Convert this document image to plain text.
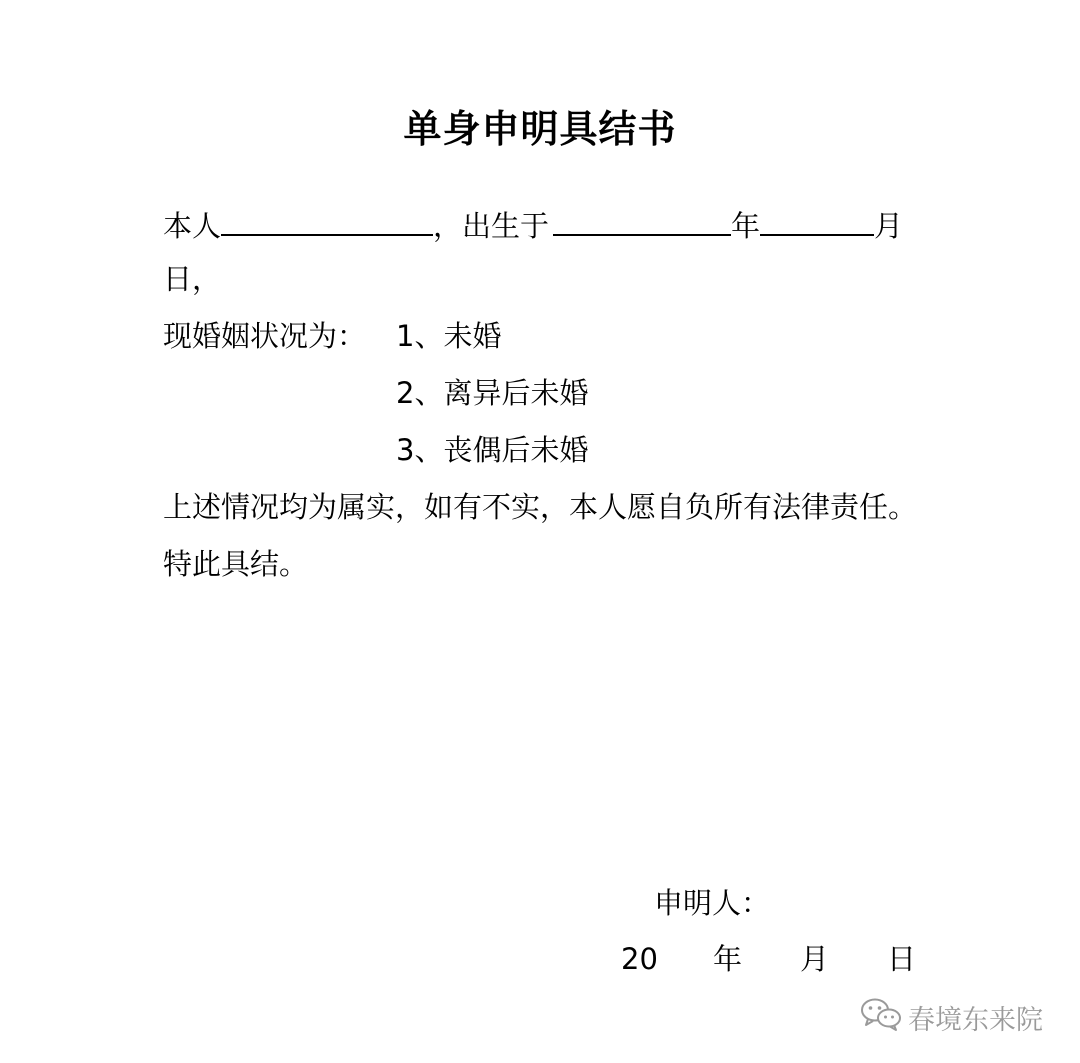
单身申明具结书
本人	，出生于	年	月
日，
现婚姻状况为： 1、未婚
2、离异后未婚
3、丧偶后未婚
上述情况均为属实，如有不实，本人愿自负所有法律责任。
特此具结。
申明人：
20 年 月 日
春境东来院
